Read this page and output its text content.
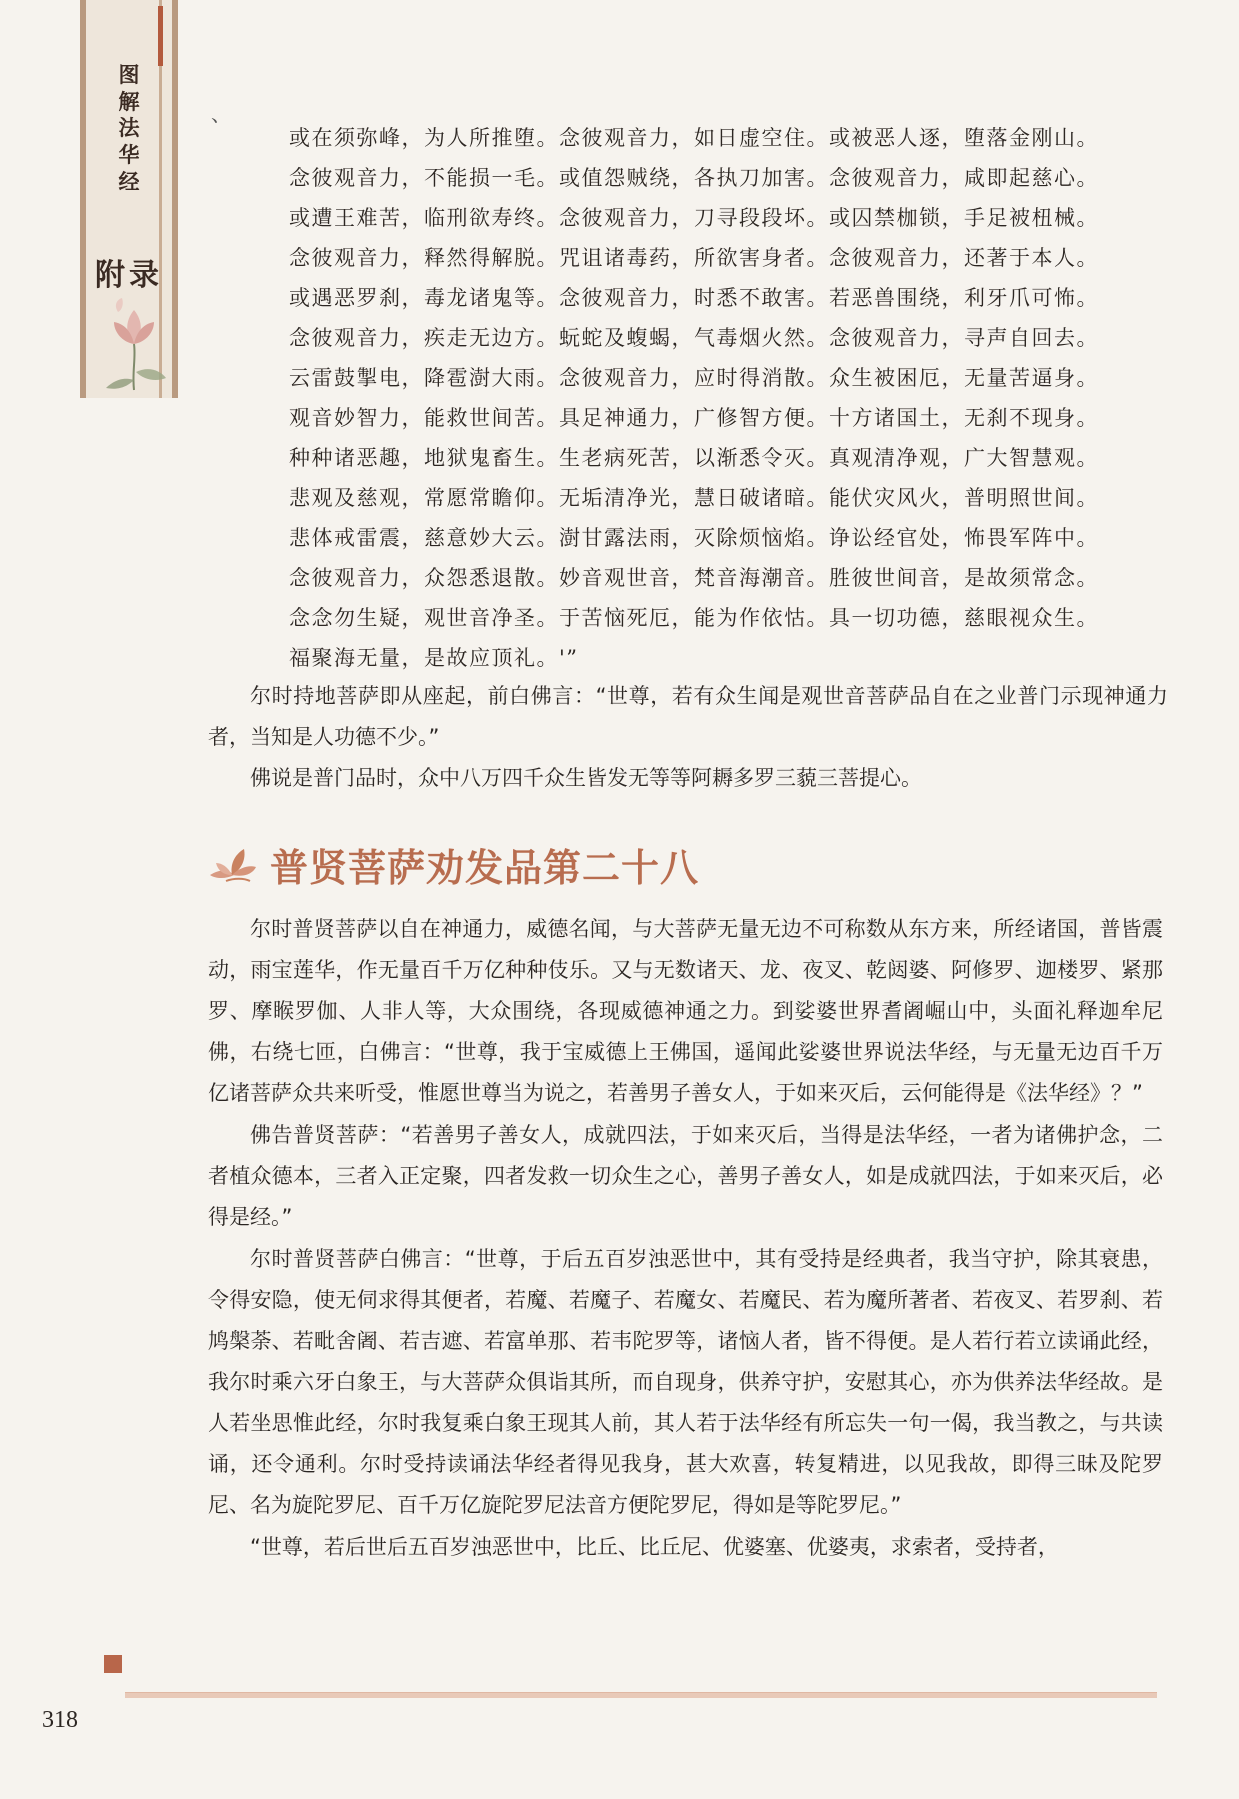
图
解
法
华
经
附录
、
或在须弥峰，为人所推堕。念彼观音力，如日虚空住。或被恶人逐，堕落金刚山。
念彼观音力，不能损一毛。或值怨贼绕，各执刀加害。念彼观音力，咸即起慈心。
或遭王难苦，临刑欲寿终。念彼观音力，刀寻段段坏。或囚禁枷锁，手足被杻械。
念彼观音力，释然得解脱。咒诅诸毒药，所欲害身者。念彼观音力，还著于本人。
或遇恶罗刹，毒龙诸鬼等。念彼观音力，时悉不敢害。若恶兽围绕，利牙爪可怖。
念彼观音力，疾走无边方。蚖蛇及蝮蝎，气毒烟火然。念彼观音力，寻声自回去。
云雷鼓掣电，降雹澍大雨。念彼观音力，应时得消散。众生被困厄，无量苦逼身。
观音妙智力，能救世间苦。具足神通力，广修智方便。十方诸国土，无刹不现身。
种种诸恶趣，地狱鬼畜生。生老病死苦，以渐悉令灭。真观清净观，广大智慧观。
悲观及慈观，常愿常瞻仰。无垢清净光，慧日破诸暗。能伏灾风火，普明照世间。
悲体戒雷震，慈意妙大云。澍甘露法雨，灭除烦恼焰。诤讼经官处，怖畏军阵中。
念彼观音力，众怨悉退散。妙音观世音，梵音海潮音。胜彼世间音，是故须常念。
念念勿生疑，观世音净圣。于苦恼死厄，能为作依怙。具一切功德，慈眼视众生。
福聚海无量，是故应顶礼。'”

尔时持地菩萨即从座起，前白佛言：“世尊，若有众生闻是观世音菩萨品自在之业普门示现神通力者，当知是人功德不少。”

佛说是普门品时，众中八万四千众生皆发无等等阿耨多罗三藐三菩提心。

普贤菩萨劝发品第二十八

尔时普贤菩萨以自在神通力，威德名闻，与大菩萨无量无边不可称数从东方来，所经诸国，普皆震动，雨宝莲华，作无量百千万亿种种伎乐。又与无数诸天、龙、夜叉、乾闼婆、阿修罗、迦楼罗、紧那罗、摩睺罗伽、人非人等，大众围绕，各现威德神通之力。到娑婆世界耆阇崛山中，头面礼释迦牟尼佛，右绕七匝，白佛言：“世尊，我于宝威德上王佛国，遥闻此娑婆世界说法华经，与无量无边百千万亿诸菩萨众共来听受，惟愿世尊当为说之，若善男子善女人，于如来灭后，云何能得是《法华经》？”

佛告普贤菩萨：“若善男子善女人，成就四法，于如来灭后，当得是法华经，一者为诸佛护念，二者植众德本，三者入正定聚，四者发救一切众生之心，善男子善女人，如是成就四法，于如来灭后，必得是经。”

尔时普贤菩萨白佛言：“世尊，于后五百岁浊恶世中，其有受持是经典者，我当守护，除其衰患，令得安隐，使无伺求得其便者，若魔、若魔子、若魔女、若魔民、若为魔所著者、若夜叉、若罗刹、若鸠槃荼、若毗舍阇、若吉遮、若富单那、若韦陀罗等，诸恼人者，皆不得便。是人若行若立读诵此经，我尔时乘六牙白象王，与大菩萨众俱诣其所，而自现身，供养守护，安慰其心，亦为供养法华经故。是人若坐思惟此经，尔时我复乘白象王现其人前，其人若于法华经有所忘失一句一偈，我当教之，与共读诵，还令通利。尔时受持读诵法华经者得见我身，甚大欢喜，转复精进，以见我故，即得三昧及陀罗尼、名为旋陀罗尼、百千万亿旋陀罗尼法音方便陀罗尼，得如是等陀罗尼。”

“世尊，若后世后五百岁浊恶世中，比丘、比丘尼、优婆塞、优婆夷，求索者，受持者，

318
